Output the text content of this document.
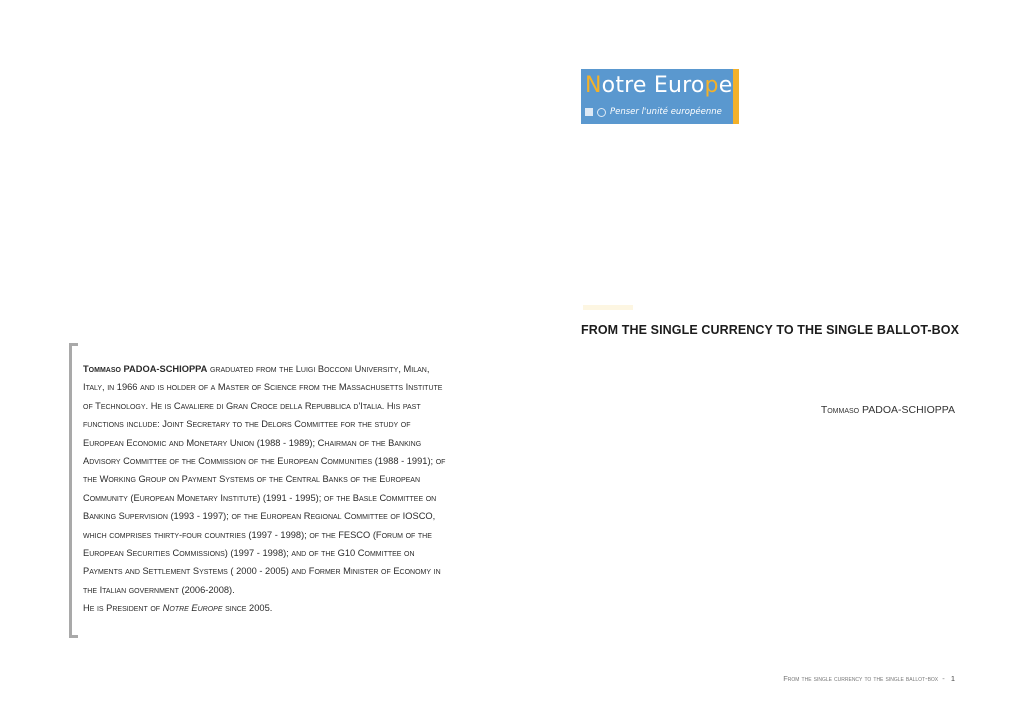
Notre Europe
Penser l'unité européenne
FROM THE SINGLE CURRENCY TO THE SINGLE BALLOT-BOX
Tommaso PADOA-SCHIOPPA

Tommaso PADOA-SCHIOPPA graduated from the Luigi Bocconi University, Milan, Italy, in 1966 and is holder of a Master of Science from the Massachusetts Institute of Technology. He is Cavaliere di Gran Croce della Repubblica d'Italia. His past functions include: Joint Secretary to the Delors Committee for the study of European Economic and Monetary Union (1988 - 1989); Chairman of the Banking Advisory Committee of the Commission of the European Communities (1988 - 1991); of the Working Group on Payment Systems of the Central Banks of the European Community (European Monetary Institute) (1991 - 1995); of the Basle Committee on Banking Supervision (1993 - 1997); of the European Regional Committee of IOSCO, which comprises thirty-four countries (1997 - 1998); of the FESCO (Forum of the European Securities Commissions) (1997 - 1998); and of the G10 Committee on Payments and Settlement Systems ( 2000 - 2005) and Former Minister of Economy in the Italian government (2006-2008).

He is President of Notre Europe since 2005.

From the single currency to the single ballot-box - 1
